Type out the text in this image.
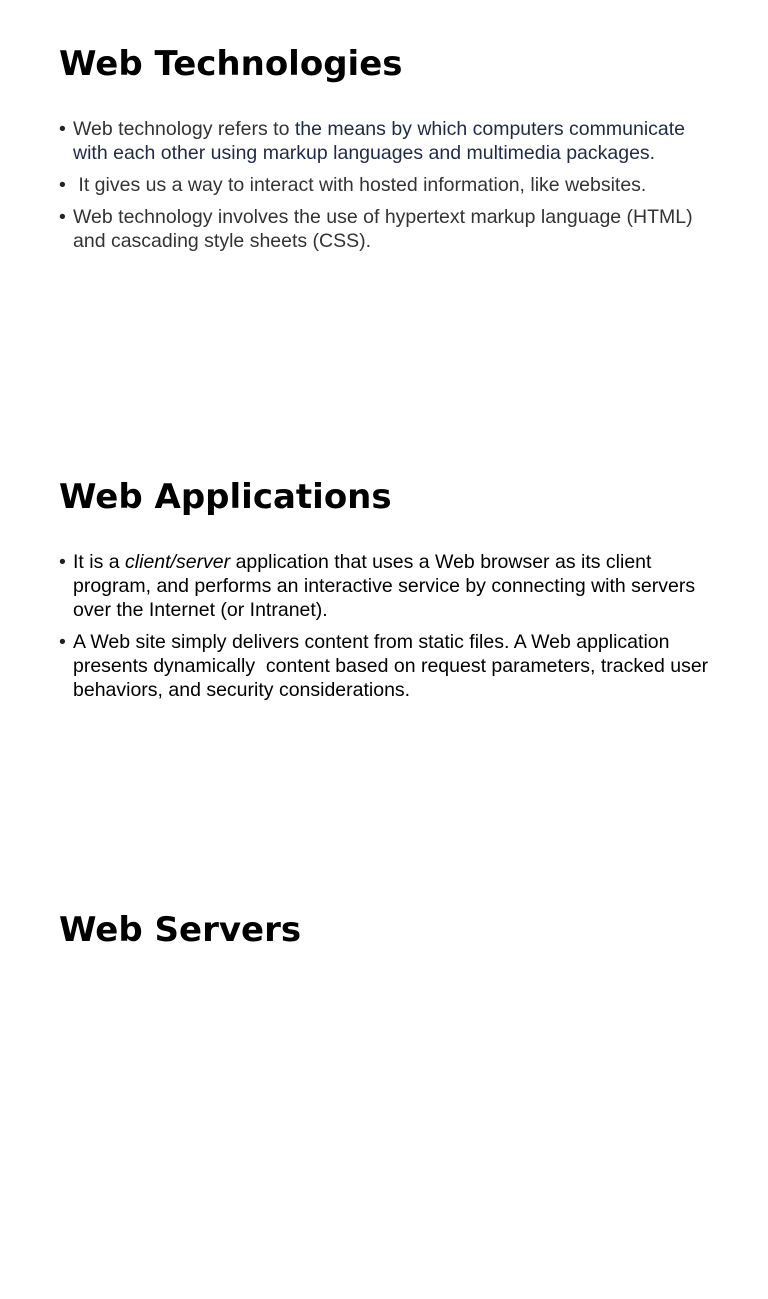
Web Technologies
• Web technology refers to the means by which computers communicate with each other using markup languages and multimedia packages.
• It gives us a way to interact with hosted information, like websites.
• Web technology involves the use of hypertext markup language (HTML) and cascading style sheets (CSS).
Web Applications
• It is a client/server application that uses a Web browser as its client program, and performs an interactive service by connecting with servers over the Internet (or Intranet).
• A Web site simply delivers content from static files. A Web application presents dynamically  content based on request parameters, tracked user behaviors, and security considerations.
Web Servers
